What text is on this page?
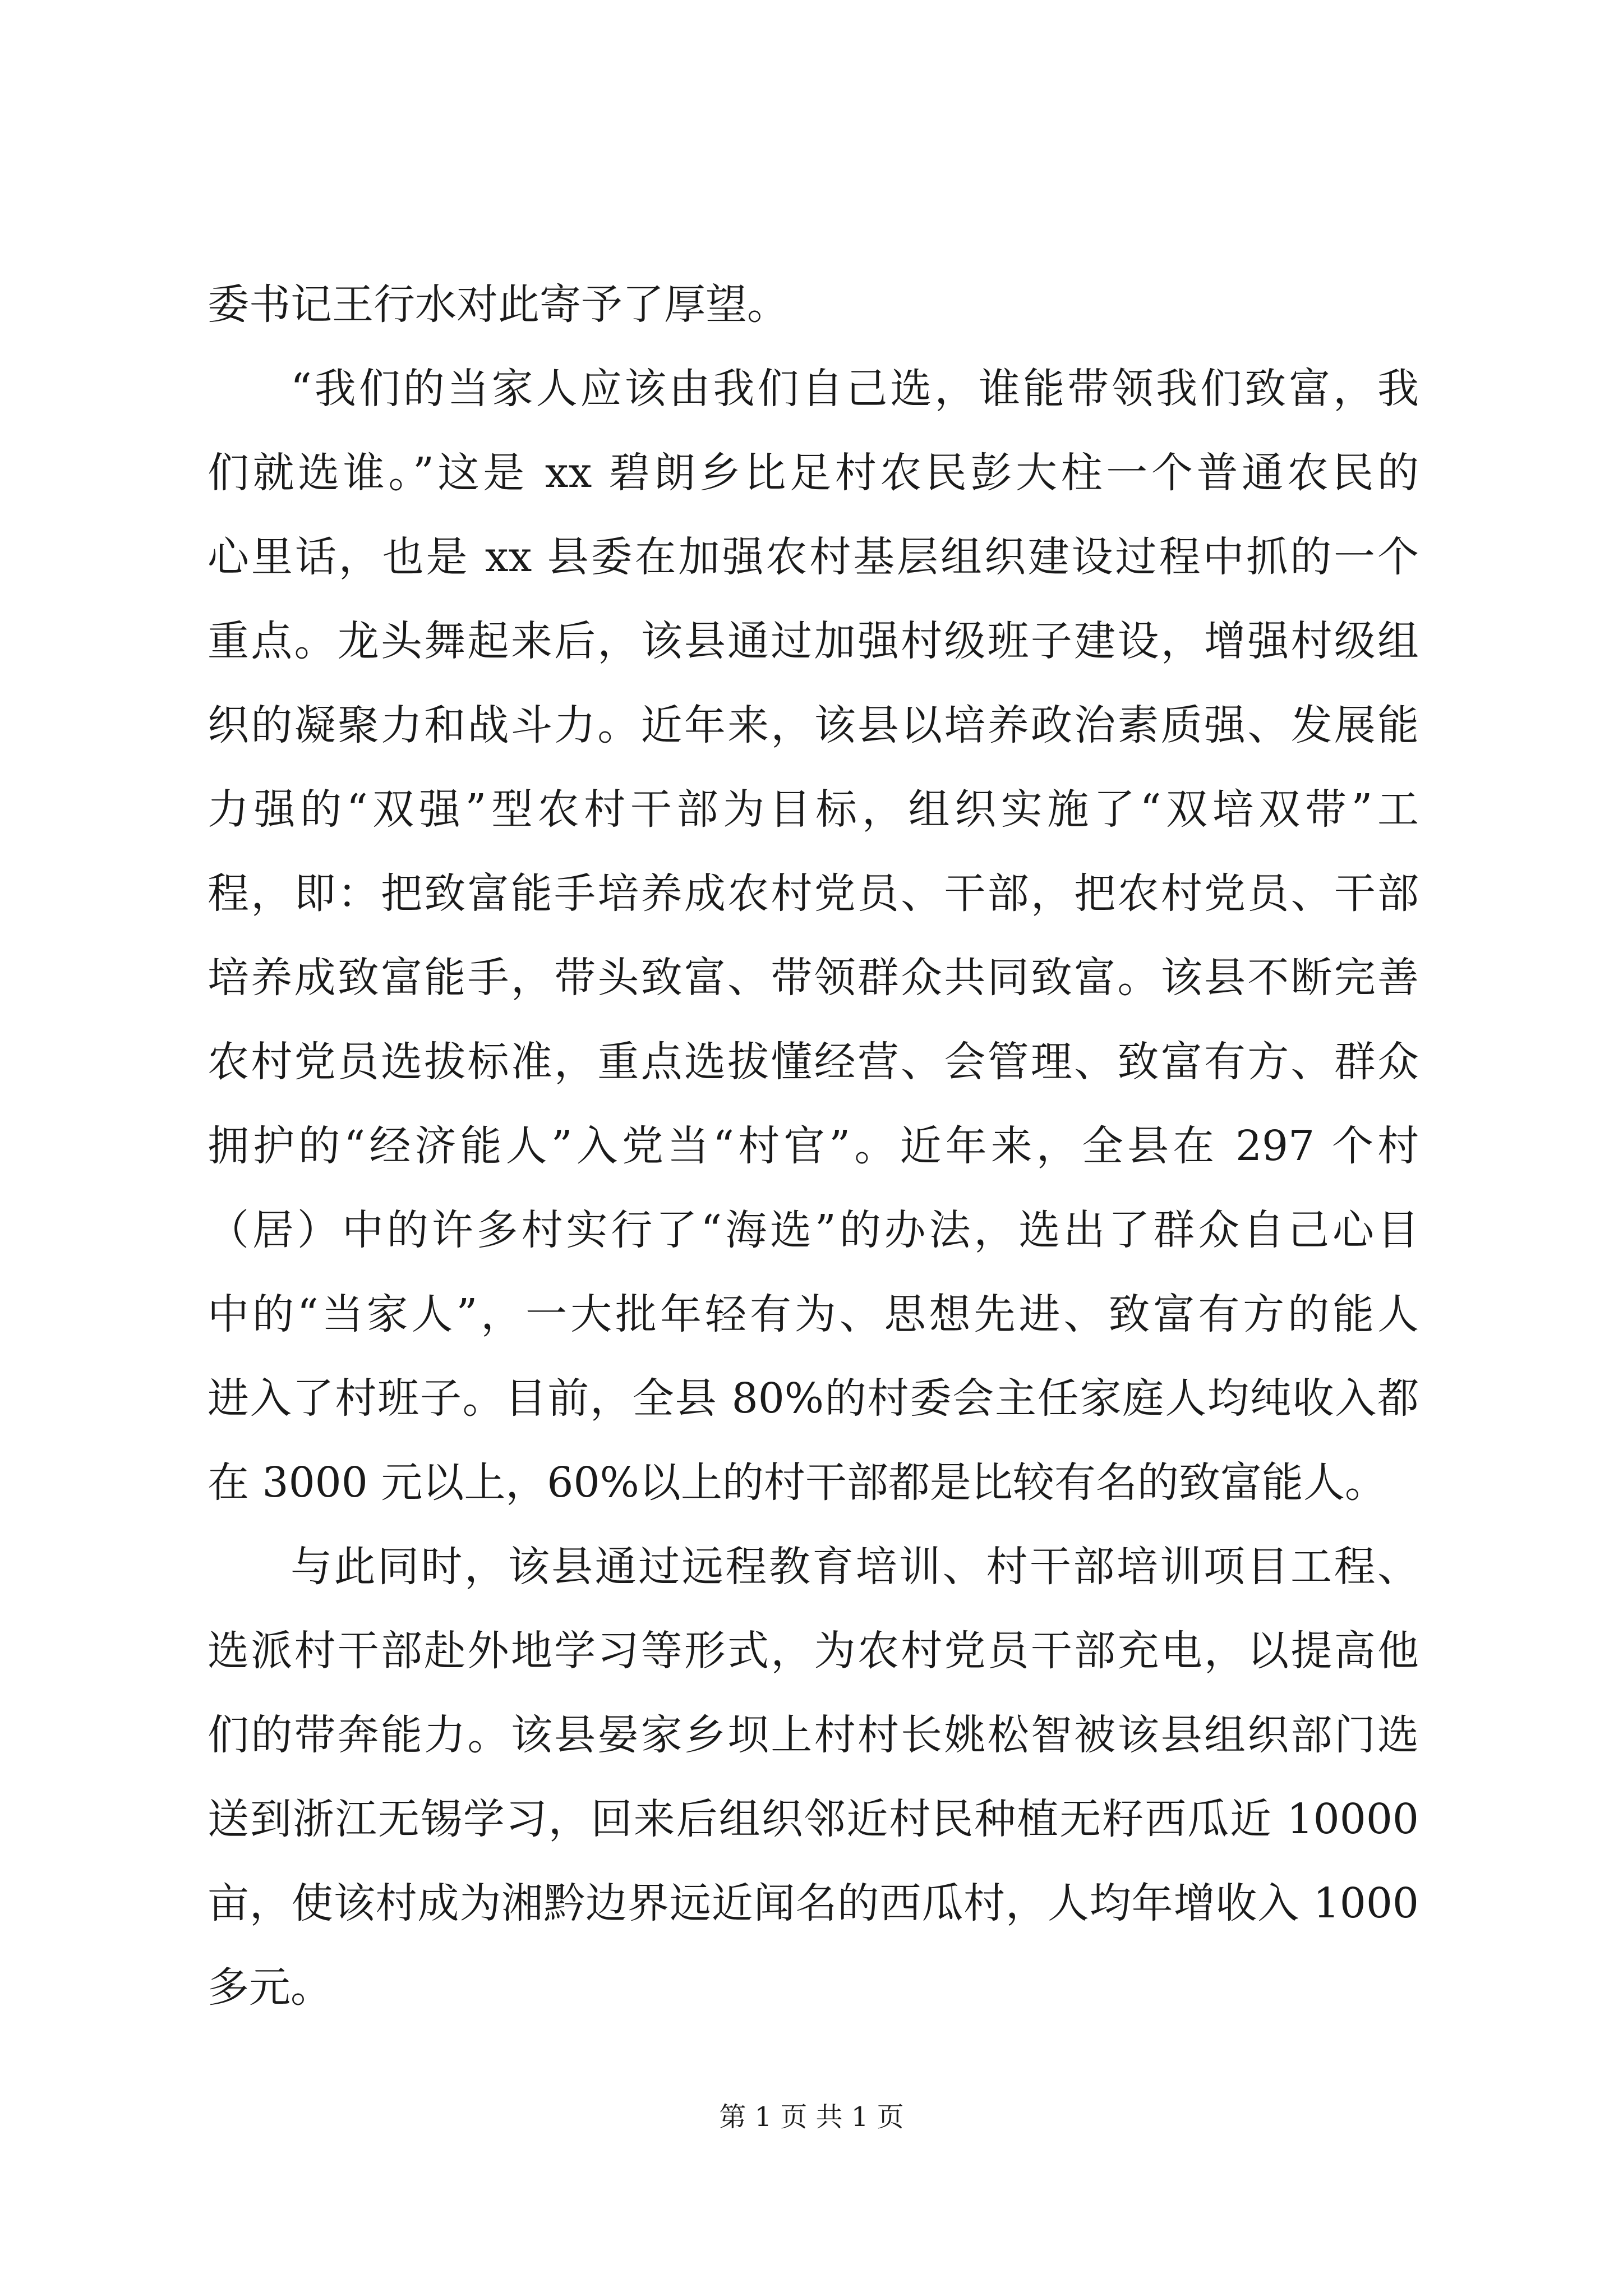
委书记王行水对此寄予了厚望。
“我们的当家人应该由我们自己选，谁能带领我们致富，我
们就选谁。”这是 xx 碧朗乡比足村农民彭大柱一个普通农民的
心里话，也是 xx 县委在加强农村基层组织建设过程中抓的一个
重点。龙头舞起来后，该县通过加强村级班子建设，增强村级组
织的凝聚力和战斗力。近年来，该县以培养政治素质强、发展能
力强的“双强”型农村干部为目标，组织实施了“双培双带”工
程，即：把致富能手培养成农村党员、干部，把农村党员、干部
培养成致富能手，带头致富、带领群众共同致富。该县不断完善
农村党员选拔标准，重点选拔懂经营、会管理、致富有方、群众
拥护的“经济能人”入党当“村官”。近年来，全县在 297 个村
（居）中的许多村实行了“海选”的办法，选出了群众自己心目
中的“当家人”，一大批年轻有为、思想先进、致富有方的能人
进入了村班子。目前，全县 80%的村委会主任家庭人均纯收入都
在 3000 元以上，60%以上的村干部都是比较有名的致富能人。
与此同时，该县通过远程教育培训、村干部培训项目工程、
选派村干部赴外地学习等形式，为农村党员干部充电，以提高他
们的带奔能力。该县晏家乡坝上村村长姚松智被该县组织部门选
送到浙江无锡学习，回来后组织邻近村民种植无籽西瓜近 10000
亩，使该村成为湘黔边界远近闻名的西瓜村，人均年增收入 1000
多元。
第 1 页 共 1 页
